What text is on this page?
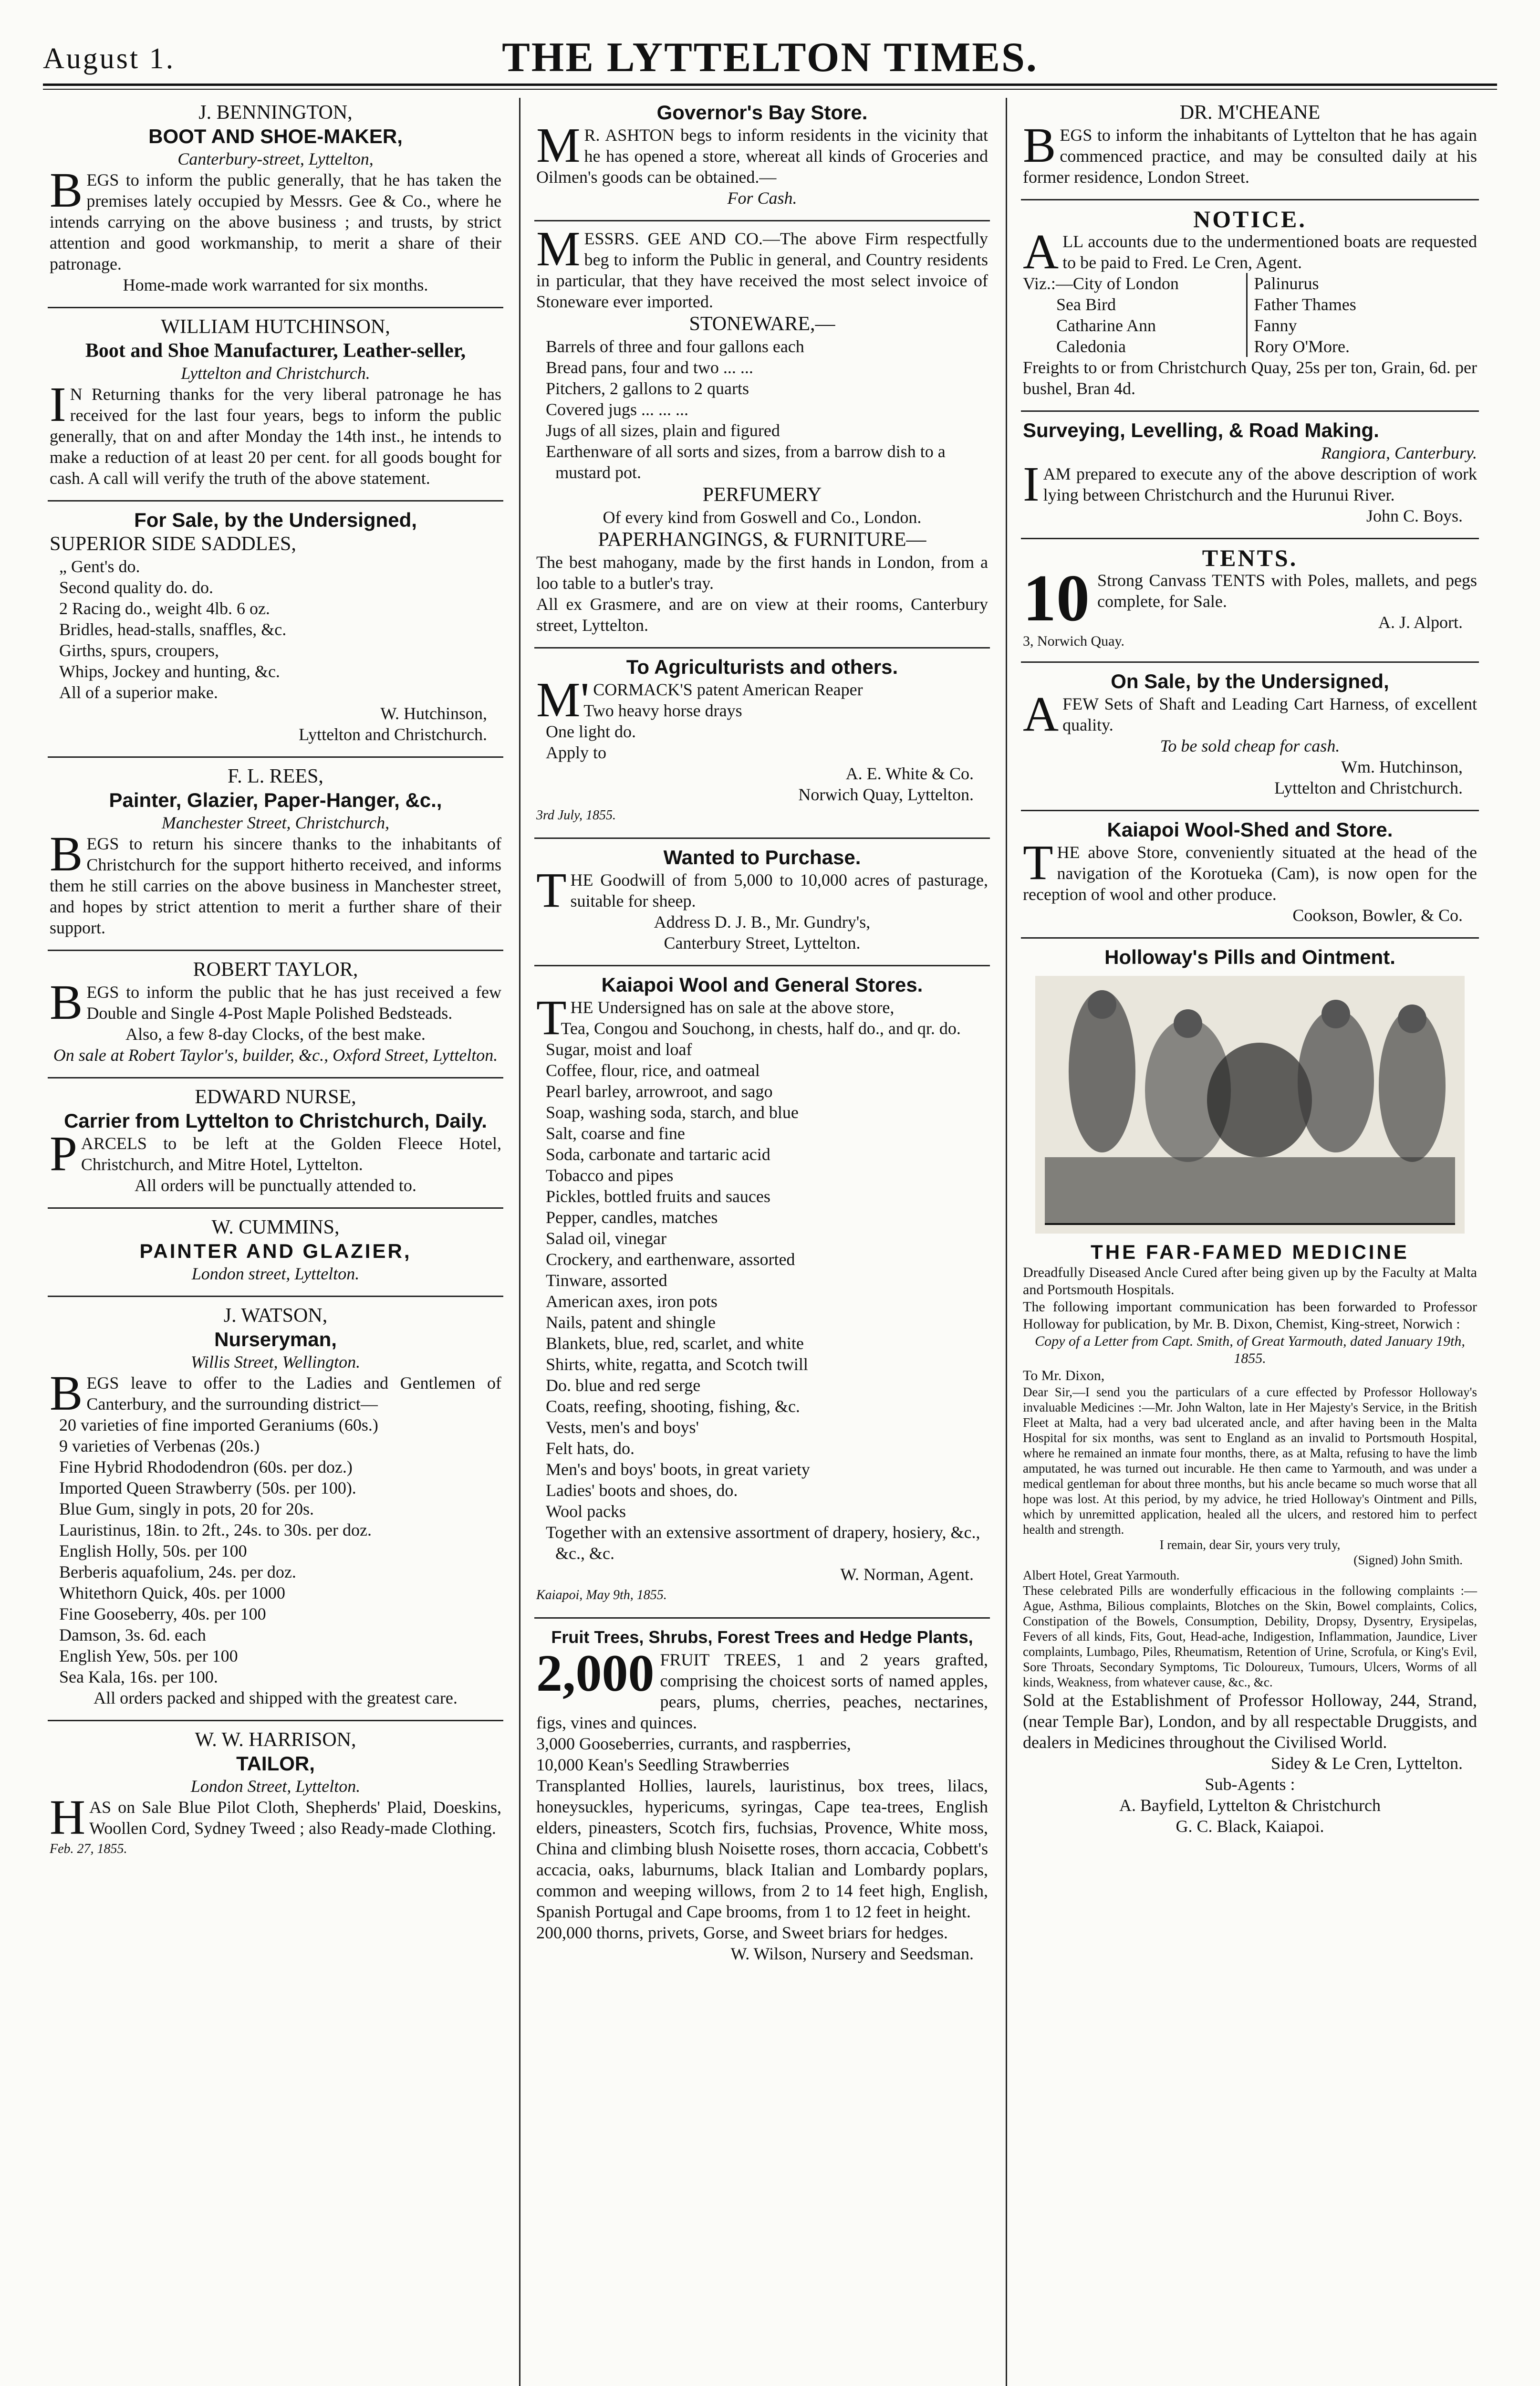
August 1.	THE LYTTELTON TIMES.
J. BENNINGTON,
BOOT AND SHOE-MAKER,
Canterbury-street, Lyttelton,

BEGS to inform the public generally, that he has taken the premises lately occupied by Messrs. Gee & Co., where he intends carrying on the above business ; and trusts, by strict attention and good workmanship, to merit a share of their patronage.

Home-made work warranted for six months.
WILLIAM HUTCHINSON,
Boot and Shoe Manufacturer, Leather-seller,
Lyttelton and Christchurch.

IN Returning thanks for the very liberal patronage he has received for the last four years, begs to inform the public generally, that on and after Monday the 14th inst., he intends to make a reduction of at least 20 per cent. for all goods bought for cash. A call will verify the truth of the above statement.

For Sale, by the Undersigned,
SUPERIOR SIDE SADDLES,
„ Gent's do.
Second quality do. do.
2 Racing do., weight 4lb. 6 oz.
Bridles, head-stalls, snaffles, &c.
Girths, spurs, croupers,
Whips, Jockey and hunting, &c.
All of a superior make.
W. Hutchinson,
Lyttelton and Christchurch.
F. L. REES,
Painter, Glazier, Paper-Hanger, &c.,
Manchester Street, Christchurch,

BEGS to return his sincere thanks to the inhabitants of Christchurch for the support hitherto received, and informs them he still carries on the above business in Manchester street, and hopes by strict attention to merit a further share of their support.

ROBERT TAYLOR,

BEGS to inform the public that he has just received a few Double and Single 4-Post Maple Polished Bedsteads.

Also, a few 8-day Clocks, of the best make.
On sale at Robert Taylor's, builder, &c., Oxford Street, Lyttelton.
EDWARD NURSE,
Carrier from Lyttelton to Christchurch, Daily.

PARCELS to be left at the Golden Fleece Hotel, Christchurch, and Mitre Hotel, Lyttelton.

All orders will be punctually attended to.
W. CUMMINS,
PAINTER AND GLAZIER,
London street, Lyttelton.
J. WATSON,
Nurseryman,
Willis Street, Wellington.

BEGS leave to offer to the Ladies and Gentlemen of Canterbury, and the surrounding district—

20 varieties of fine imported Geraniums (60s.)
9 varieties of Verbenas (20s.)
Fine Hybrid Rhododendron (60s. per doz.)
Imported Queen Strawberry (50s. per 100).
Blue Gum, singly in pots, 20 for 20s.
Lauristinus, 18in. to 2ft., 24s. to 30s. per doz.
English Holly, 50s. per 100
Berberis aquafolium, 24s. per doz.
Whitethorn Quick, 40s. per 1000
Fine Gooseberry, 40s. per 100
Damson, 3s. 6d. each
English Yew, 50s. per 100
Sea Kala, 16s. per 100.
All orders packed and shipped with the greatest care.
W. W. HARRISON,
TAILOR,
London Street, Lyttelton.

HAS on Sale Blue Pilot Cloth, Shepherds' Plaid, Doeskins, Woollen Cord, Sydney Tweed ; also Ready-made Clothing.

Feb. 27, 1855.
Governor's Bay Store.

MR. ASHTON begs to inform residents in the vicinity that he has opened a store, whereat all kinds of Groceries and Oilmen's goods can be obtained.—

For Cash.

MESSRS. GEE AND CO.—The above Firm respectfully beg to inform the Public in general, and Country residents in particular, that they have received the most select invoice of Stoneware ever imported.

STONEWARE,—
Barrels of three and four gallons each
Bread pans, four and two ... ...
Pitchers, 2 gallons to 2 quarts
Covered jugs ... ... ...
Jugs of all sizes, plain and figured
Earthenware of all sorts and sizes, from a barrow dish to a mustard pot.
PERFUMERY
Of every kind from Goswell and Co., London.
PAPERHANGINGS, & FURNITURE—

The best mahogany, made by the first hands in London, from a loo table to a butler's tray.

All ex Grasmere, and are on view at their rooms, Canterbury street, Lyttelton.

To Agriculturists and others.

M'CORMACK'S patent American Reaper

Two heavy horse drays
One light do.
Apply to
A. E. White & Co.
Norwich Quay, Lyttelton.
3rd July, 1855.
Wanted to Purchase.

THE Goodwill of from 5,000 to 10,000 acres of pasturage, suitable for sheep.

Address D. J. B., Mr. Gundry's,
Canterbury Street, Lyttelton.
Kaiapoi Wool and General Stores.

THE Undersigned has on sale at the above store,

Tea, Congou and Souchong, in chests, half do., and qr. do.
Sugar, moist and loaf
Coffee, flour, rice, and oatmeal
Pearl barley, arrowroot, and sago
Soap, washing soda, starch, and blue
Salt, coarse and fine
Soda, carbonate and tartaric acid
Tobacco and pipes
Pickles, bottled fruits and sauces
Pepper, candles, matches
Salad oil, vinegar
Crockery, and earthenware, assorted
Tinware, assorted
American axes, iron pots
Nails, patent and shingle
Blankets, blue, red, scarlet, and white
Shirts, white, regatta, and Scotch twill
Do. blue and red serge
Coats, reefing, shooting, fishing, &c.
Vests, men's and boys'
Felt hats, do.
Men's and boys' boots, in great variety
Ladies' boots and shoes, do.
Wool packs
Together with an extensive assortment of drapery, hosiery, &c., &c., &c.
W. Norman, Agent.
Kaiapoi, May 9th, 1855.
Fruit Trees, Shrubs, Forest Trees and Hedge Plants,
2,000 FRUIT TREES, 1 and 2 years grafted, comprising the choicest sorts of named apples, pears, plums, cherries, peaches, nectarines, figs, vines and quinces.

3,000 Gooseberries, currants, and raspberries,
10,000 Kean's Seedling Strawberries

Transplanted Hollies, laurels, lauristinus, box trees, lilacs, honeysuckles, hypericums, syringas, Cape tea-trees, English elders, pineasters, Scotch firs, fuchsias, Provence, White moss, China and climbing blush Noisette roses, thorn accacia, Cobbett's accacia, oaks, laburnums, black Italian and Lombardy poplars, common and weeping willows, from 2 to 14 feet high, English, Spanish Portugal and Cape brooms, from 1 to 12 feet in height.

200,000 thorns, privets, Gorse, and Sweet briars for hedges.
W. Wilson, Nursery and Seedsman.
DR. M'CHEANE

BEGS to inform the inhabitants of Lyttelton that he has again commenced practice, and may be consulted daily at his former residence, London Street.

NOTICE.

ALL accounts due to the undermentioned boats are requested to be paid to Fred. Le Cren, Agent.

Viz.:—City of London
Sea Bird
Catharine Ann
Caledonia
Palinurus
Father Thames
Fanny
Rory O'More.

Freights to or from Christchurch Quay, 25s per ton, Grain, 6d. per bushel, Bran 4d.

Surveying, Levelling, & Road Making.
Rangiora, Canterbury.

IAM prepared to execute any of the above description of work lying between Christchurch and the Hurunui River.

John C. Boys.
TENTS.
10 Strong Canvass TENTS with Poles, mallets, and pegs complete, for Sale.

A. J. Alport.
3, Norwich Quay.
On Sale, by the Undersigned,

AFEW Sets of Shaft and Leading Cart Harness, of excellent quality.

To be sold cheap for cash.
Wm. Hutchinson,
Lyttelton and Christchurch.
Kaiapoi Wool-Shed and Store.

THE above Store, conveniently situated at the head of the navigation of the Korotueka (Cam), is now open for the reception of wool and other produce.

Cookson, Bowler, & Co.
Holloway's Pills and Ointment.
THE FAR-FAMED MEDICINE

Dreadfully Diseased Ancle Cured after being given up by the Faculty at Malta and Portsmouth Hospitals.

The following important communication has been forwarded to Professor Holloway for publication, by Mr. B. Dixon, Chemist, King-street, Norwich :

Copy of a Letter from Capt. Smith, of Great Yarmouth, dated January 19th, 1855.
To Mr. Dixon,

Dear Sir,—I send you the particulars of a cure effected by Professor Holloway's invaluable Medicines :—Mr. John Walton, late in Her Majesty's Service, in the British Fleet at Malta, had a very bad ulcerated ancle, and after having been in the Malta Hospital for six months, was sent to England as an invalid to Portsmouth Hospital, where he remained an inmate four months, there, as at Malta, refusing to have the limb amputated, he was turned out incurable. He then came to Yarmouth, and was under a medical gentleman for about three months, but his ancle became so much worse that all hope was lost. At this period, by my advice, he tried Holloway's Ointment and Pills, which by unremitted application, healed all the ulcers, and restored him to perfect health and strength.

I remain, dear Sir, yours very truly,
(Signed) John Smith.
Albert Hotel, Great Yarmouth.

These celebrated Pills are wonderfully efficacious in the following complaints :— Ague, Asthma, Bilious complaints, Blotches on the Skin, Bowel complaints, Colics, Constipation of the Bowels, Consumption, Debility, Dropsy, Dysentry, Erysipelas, Fevers of all kinds, Fits, Gout, Head-ache, Indigestion, Inflammation, Jaundice, Liver complaints, Lumbago, Piles, Rheumatism, Retention of Urine, Scrofula, or King's Evil, Sore Throats, Secondary Symptoms, Tic Doloureux, Tumours, Ulcers, Worms of all kinds, Weakness, from whatever cause, &c., &c.

Sold at the Establishment of Professor Holloway, 244, Strand, (near Temple Bar), London, and by all respectable Druggists, and dealers in Medicines throughout the Civilised World.

Sidey & Le Cren, Lyttelton.
Sub-Agents :
A. Bayfield, Lyttelton & Christchurch
G. C. Black, Kaiapoi.
